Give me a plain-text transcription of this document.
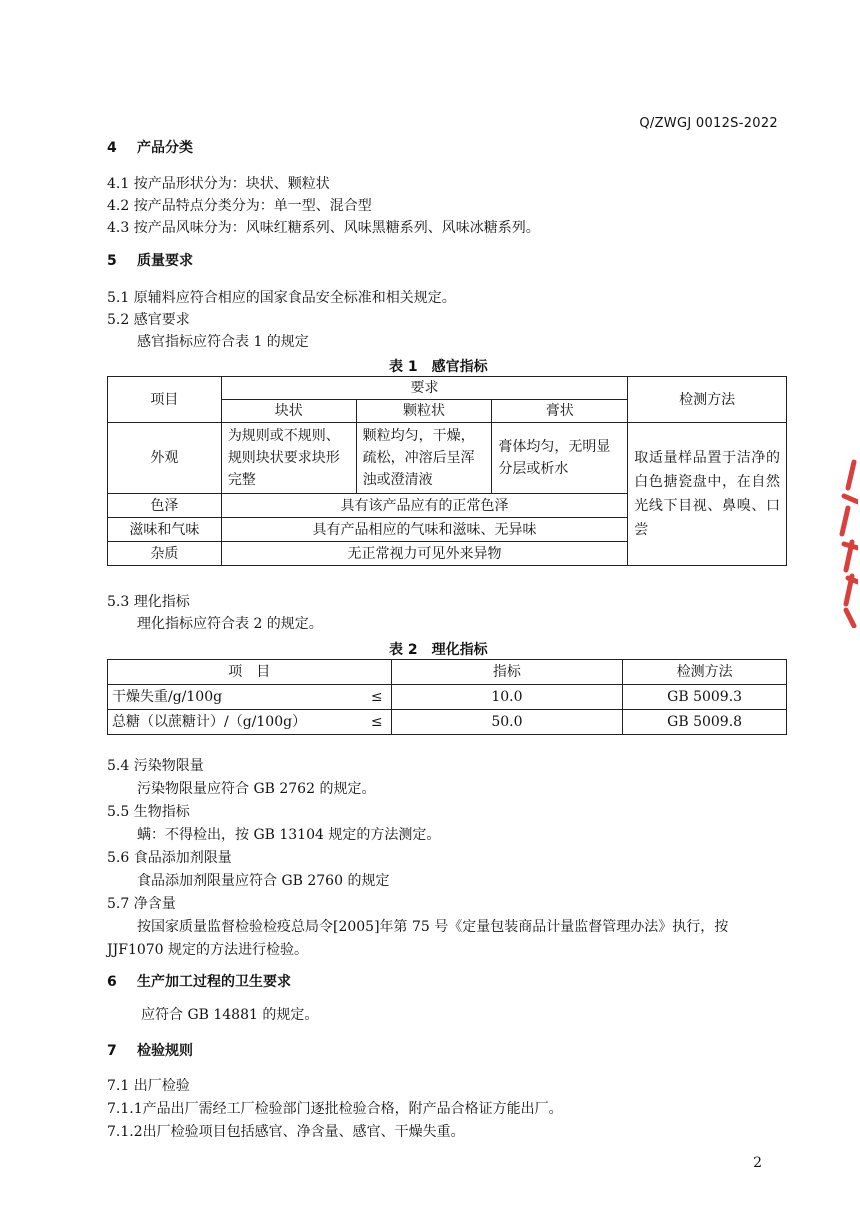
Q/ZWGJ 0012S-2022
4 产品分类
4.1 按产品形状分为：块状、颗粒状
4.2 按产品特点分类分为：单一型、混合型
4.3 按产品风味分为：风味红糖系列、风味黑糖系列、风味冰糖系列。
5 质量要求
5.1 原辅料应符合相应的国家食品安全标准和相关规定。
5.2 感官要求
感官指标应符合表 1 的规定
表 1　感官指标
项目	要求			检测方法
	块状	颗粒状	膏状	
外观	为规则或不规则、规则块状要求块形完整	颗粒均匀，干燥，疏松，冲溶后呈浑浊或澄清液	膏体均匀，无明显分层或析水	取适量样品置于洁净的白色搪瓷盘中，在自然光线下目视、鼻嗅、口尝
色泽	具有该产品应有的正常色泽			
滋味和气味	具有产品相应的气味和滋味、无异味			
杂质	无正常视力可见外来异物			
5.3 理化指标
理化指标应符合表 2 的规定。
表 2　理化指标
项　目	指标	检测方法
干燥失重/g/100g ≤	10.0	GB 5009.3
总糖（以蔗糖计）/（g/100g） ≤	50.0	GB 5009.8
5.4 污染物限量
污染物限量应符合 GB 2762 的规定。
5.5 生物指标
螨：不得检出，按 GB 13104 规定的方法测定。
5.6 食品添加剂限量
食品添加剂限量应符合 GB 2760 的规定
5.7 净含量
按国家质量监督检验检疫总局令[2005]年第 75 号《定量包装商品计量监督管理办法》执行，按
JJF1070 规定的方法进行检验。
6 生产加工过程的卫生要求
应符合 GB 14881 的规定。
7 检验规则
7.1 出厂检验
7.1.1产品出厂需经工厂检验部门逐批检验合格，附产品合格证方能出厂。
7.1.2出厂检验项目包括感官、净含量、感官、干燥失重。
2
